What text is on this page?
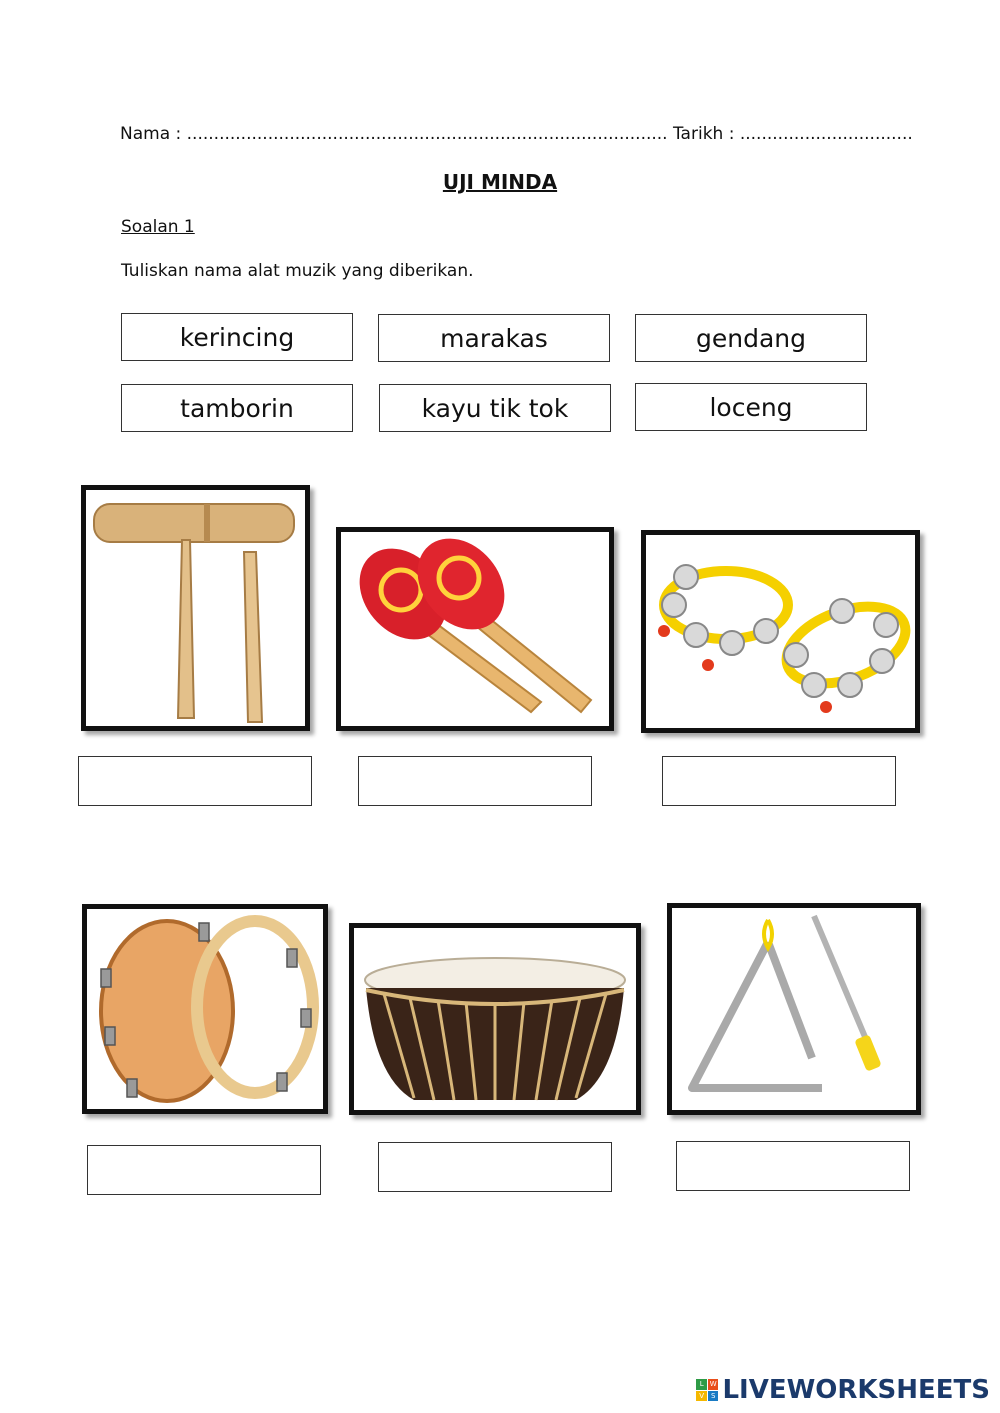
Nama : ......................................................................................... Tarikh : ................................
UJI MINDA
Soalan 1
Tuliskan nama alat muzik yang diberikan.
kerincing	marakas	gendang
tamborin	kayu tik tok	loceng
L W
V S LIVEWORKSHEETS
